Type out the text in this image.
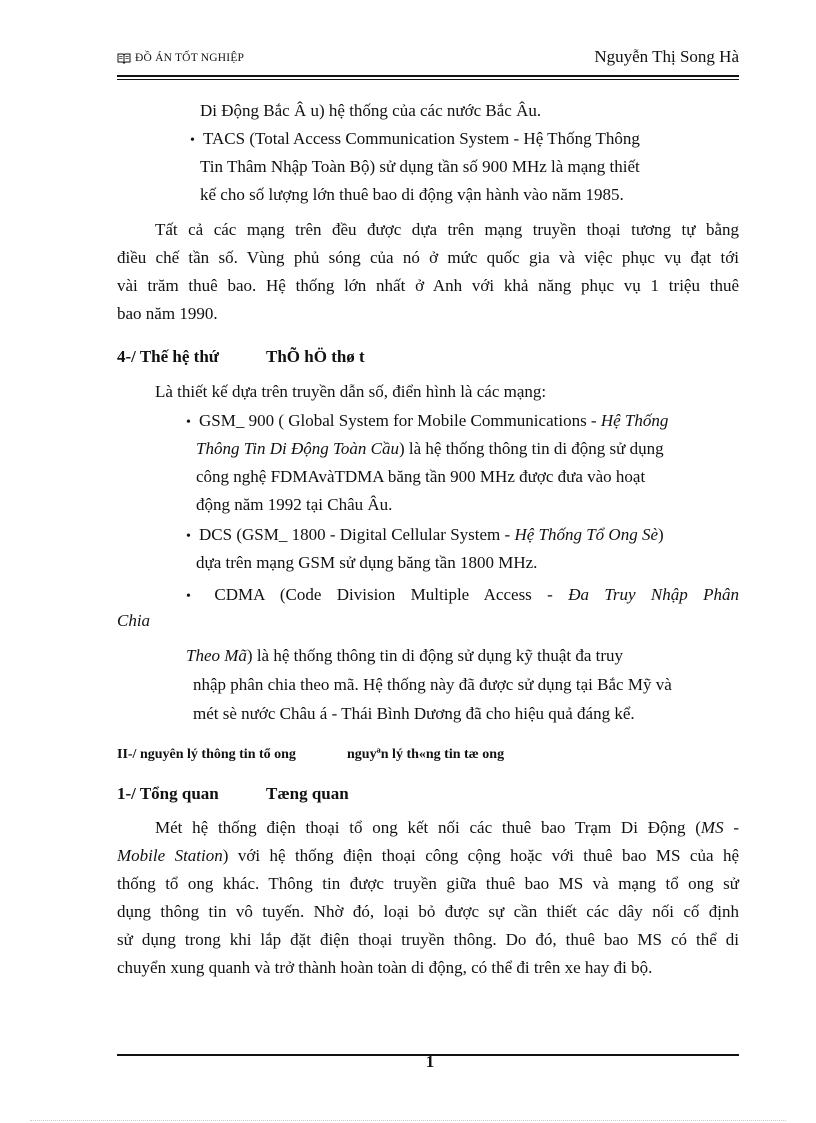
ĐỒ ÁN TỐT NGHIỆP	Nguyễn Thị Song Hà
Di Động Bắc Â u) hệ thống của các nước Bắc Âu.
• TACS (Total Access Communication System - Hệ Thống Thông
Tin Thâm Nhập Toàn Bộ) sử dụng tần số 900 MHz là mạng thiết
kế cho số lượng lớn thuê bao di động vận hành vào năm 1985.
Tất cả các mạng trên đều được dựa trên mạng truyền thoại tương tự bằng
điều chế tần số. Vùng phủ sóng của nó ở mức quốc gia và việc phục vụ đạt tới
vài trăm thuê bao. Hệ thống lớn nhất ở Anh với khả năng phục vụ 1 triệu thuê
bao năm 1990.
4-/ Thế hệ thứ	ThÕ hÖ thø t
Là thiết kế dựa trên truyền dẫn số, điển hình là các mạng:
• GSM_ 900 ( Global System for Mobile Communications - Hệ Thống
Thông Tin Di Động Toàn Cầu) là hệ thống thông tin di động sử dụng
công nghệ FDMAvàTDMA băng tần 900 MHz được đưa vào hoạt
động năm 1992 tại Châu Âu.
• DCS (GSM_ 1800 - Digital Cellular System - Hệ Thống Tổ Ong Sè)
dựa trên mạng GSM sử dụng băng tần 1800 MHz.
• CDMA (Code Division Multiple Access - Đa Truy Nhập Phân
Chia
Theo Mã) là hệ thống thông tin di động sử dụng kỹ thuật đa truy
nhập phân chia theo mã. Hệ thống này đã được sử dụng tại Bắc Mỹ và
mét sè nước Châu á - Thái Bình Dương đã cho hiệu quả đáng kể.
II-/ nguyên lý thông tin tổ ong	nguyªn lý th«ng tin tæ ong
1-/ Tổng quan	Tæng quan
Mét hệ thống điện thoại tổ ong kết nối các thuê bao Trạm Di Động (MS -
Mobile Station) với hệ thống điện thoại công cộng hoặc với thuê bao MS của hệ
thống tổ ong khác. Thông tin được truyền giữa thuê bao MS và mạng tổ ong sử
dụng thông tin vô tuyến. Nhờ đó, loại bỏ được sự cần thiết các dây nối cố định
sử dụng trong khi lắp đặt điện thoại truyền thông. Do đó, thuê bao MS có thể di
chuyển xung quanh và trở thành hoàn toàn di động, có thể đi trên xe hay đi bộ.
1
